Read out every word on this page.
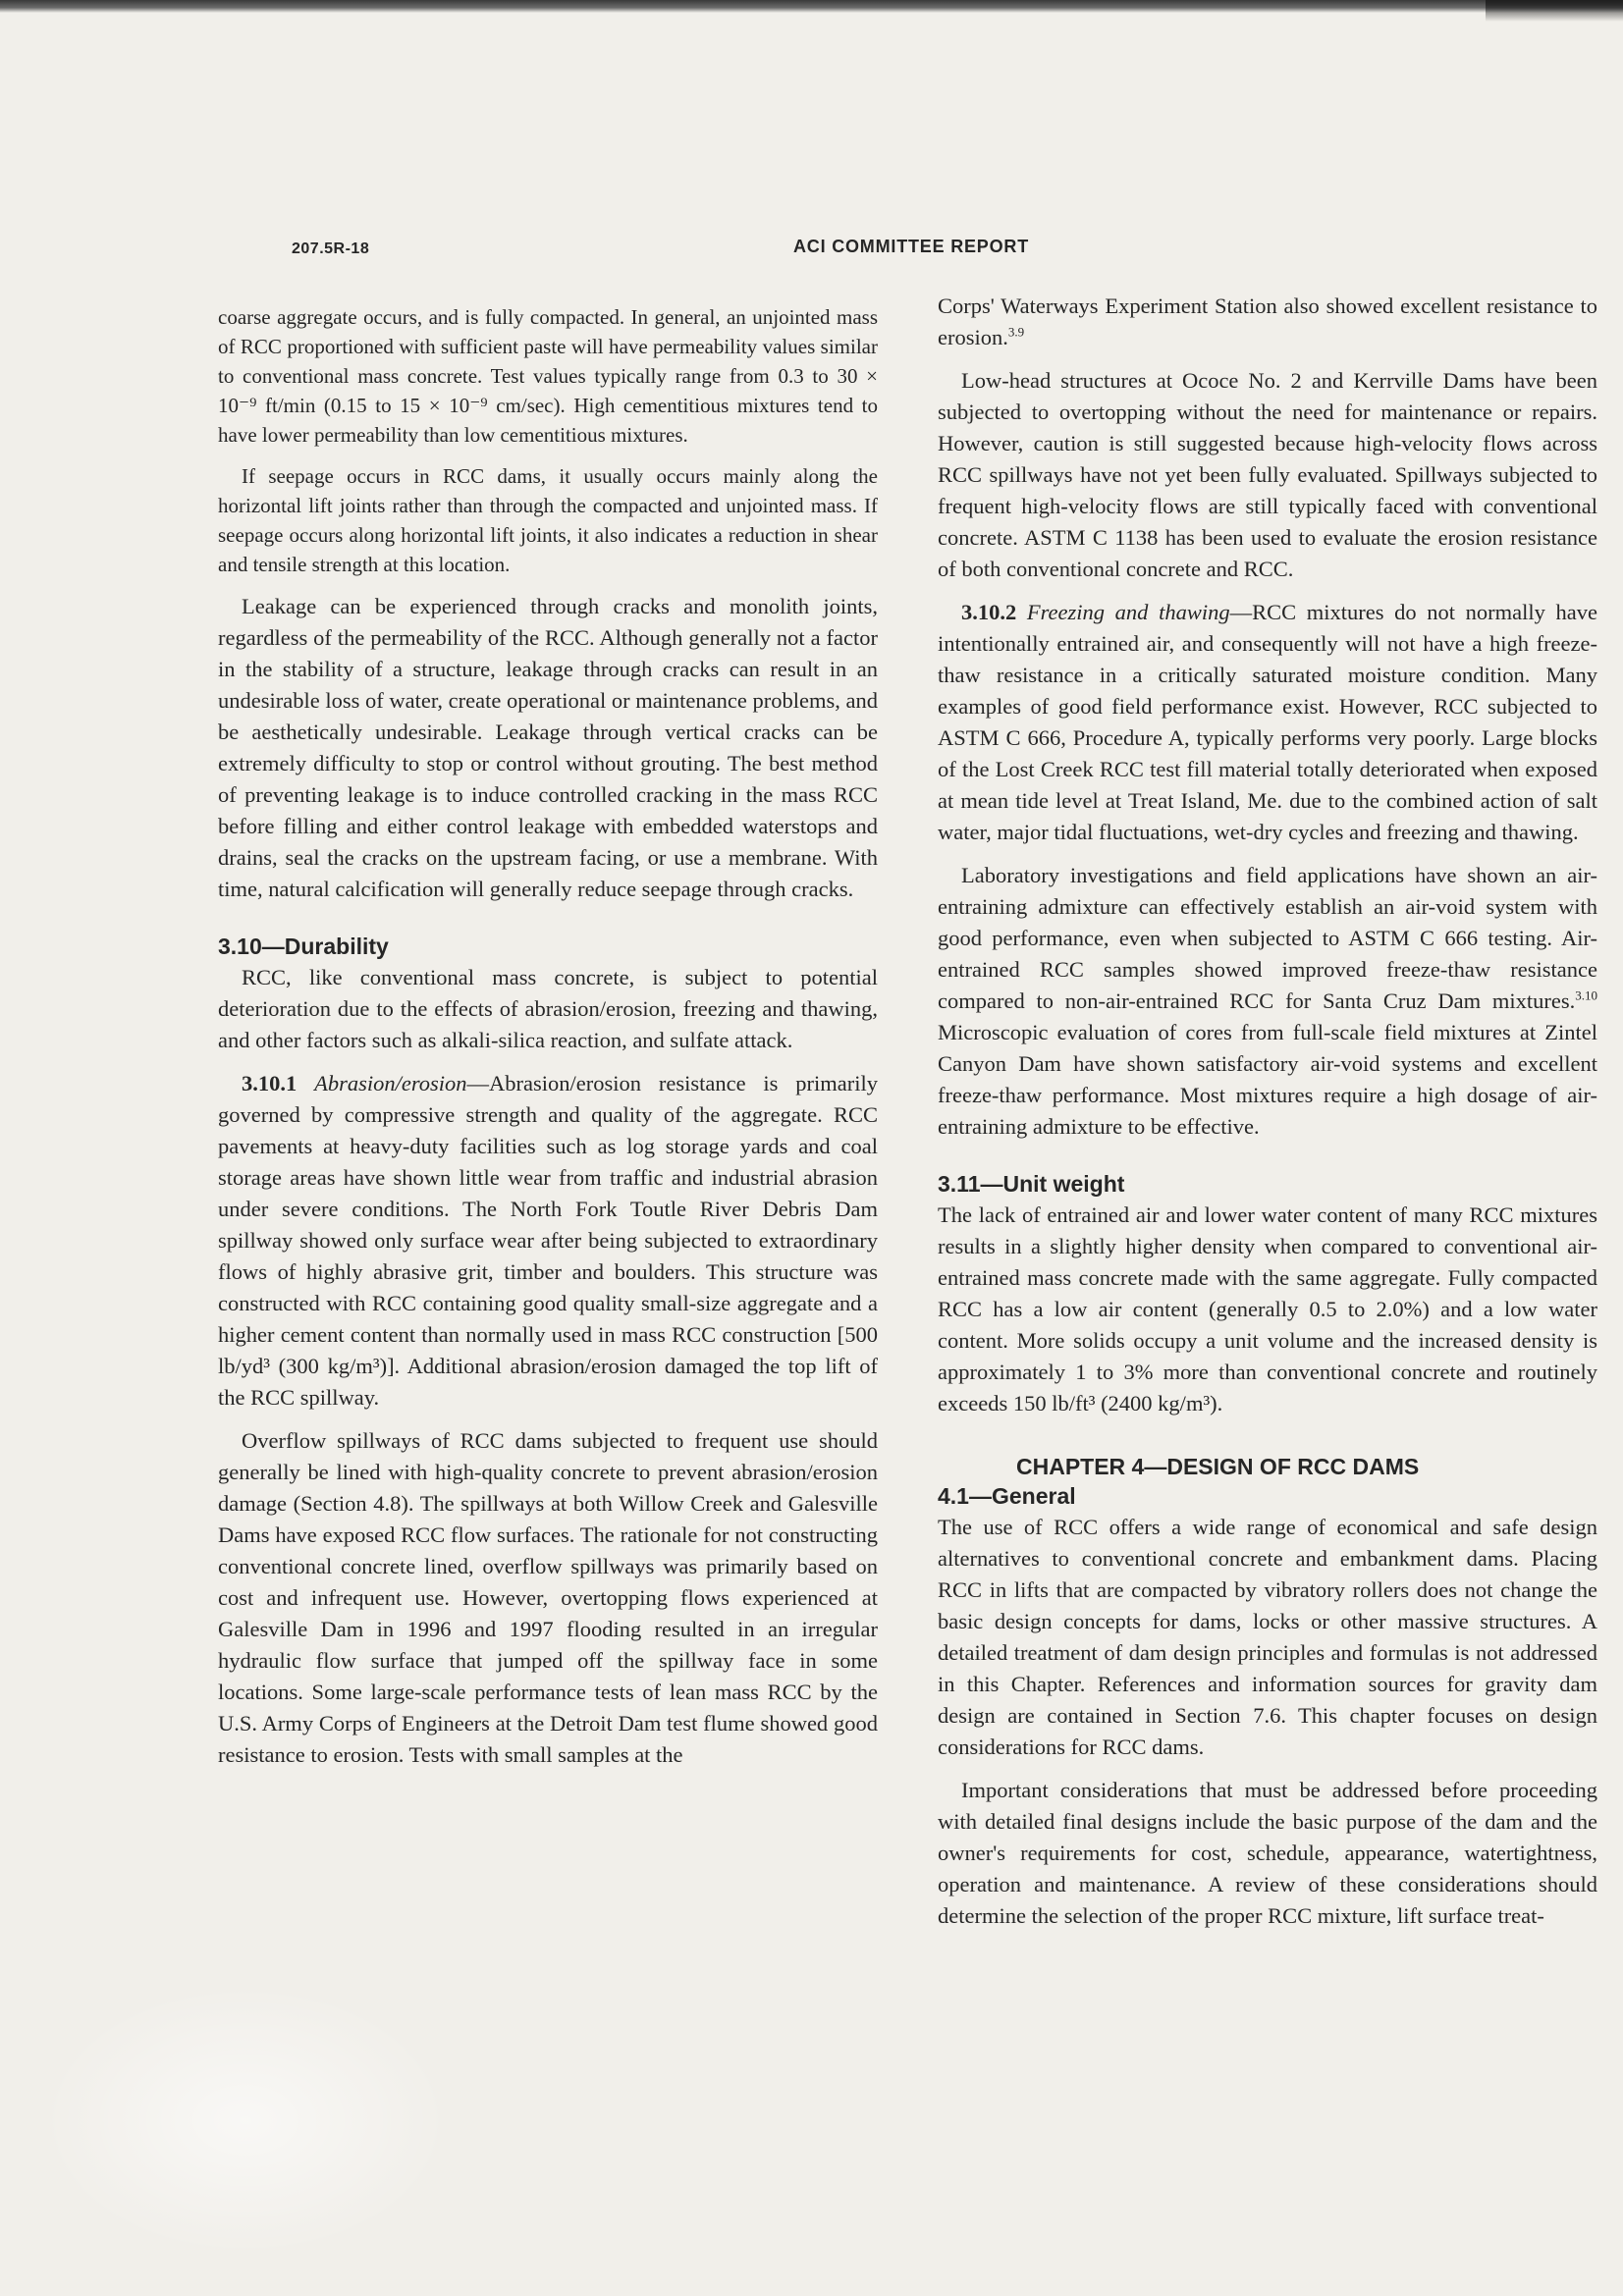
207.5R-18	ACI COMMITTEE REPORT

coarse aggregate occurs, and is fully compacted. In general, an unjointed mass of RCC proportioned with sufficient paste will have permeability values similar to conventional mass concrete. Test values typically range from 0.3 to 30 × 10⁻⁹ ft/min (0.15 to 15 × 10⁻⁹ cm/sec). High cementitious mixtures tend to have lower permeability than low cementitious mixtures.

If seepage occurs in RCC dams, it usually occurs mainly along the horizontal lift joints rather than through the compacted and unjointed mass. If seepage occurs along horizontal lift joints, it also indicates a reduction in shear and tensile strength at this location.

Leakage can be experienced through cracks and monolith joints, regardless of the permeability of the RCC. Although generally not a factor in the stability of a structure, leakage through cracks can result in an undesirable loss of water, create operational or maintenance problems, and be aesthetically undesirable. Leakage through vertical cracks can be extremely difficulty to stop or control without grouting. The best method of preventing leakage is to induce controlled cracking in the mass RCC before filling and either control leakage with embedded waterstops and drains, seal the cracks on the upstream facing, or use a membrane. With time, natural calcification will generally reduce seepage through cracks.

3.10—Durability

RCC, like conventional mass concrete, is subject to potential deterioration due to the effects of abrasion/erosion, freezing and thawing, and other factors such as alkali-silica reaction, and sulfate attack.

3.10.1 Abrasion/erosion—Abrasion/erosion resistance is primarily governed by compressive strength and quality of the aggregate. RCC pavements at heavy-duty facilities such as log storage yards and coal storage areas have shown little wear from traffic and industrial abrasion under severe conditions. The North Fork Toutle River Debris Dam spillway showed only surface wear after being subjected to extraordinary flows of highly abrasive grit, timber and boulders. This structure was constructed with RCC containing good quality small-size aggregate and a higher cement content than normally used in mass RCC construction [500 lb/yd³ (300 kg/m³)]. Additional abrasion/erosion damaged the top lift of the RCC spillway.

Overflow spillways of RCC dams subjected to frequent use should generally be lined with high-quality concrete to prevent abrasion/erosion damage (Section 4.8). The spillways at both Willow Creek and Galesville Dams have exposed RCC flow surfaces. The rationale for not constructing conventional concrete lined, overflow spillways was primarily based on cost and infrequent use. However, overtopping flows experienced at Galesville Dam in 1996 and 1997 flooding resulted in an irregular hydraulic flow surface that jumped off the spillway face in some locations. Some large-scale performance tests of lean mass RCC by the U.S. Army Corps of Engineers at the Detroit Dam test flume showed good resistance to erosion. Tests with small samples at the

Corps' Waterways Experiment Station also showed excellent resistance to erosion.$^{3.9}$

Low-head structures at Ococe No. 2 and Kerrville Dams have been subjected to overtopping without the need for maintenance or repairs. However, caution is still suggested because high-velocity flows across RCC spillways have not yet been fully evaluated. Spillways subjected to frequent high-velocity flows are still typically faced with conventional concrete. ASTM C 1138 has been used to evaluate the erosion resistance of both conventional concrete and RCC.

3.10.2 Freezing and thawing—RCC mixtures do not normally have intentionally entrained air, and consequently will not have a high freeze-thaw resistance in a critically saturated moisture condition. Many examples of good field performance exist. However, RCC subjected to ASTM C 666, Procedure A, typically performs very poorly. Large blocks of the Lost Creek RCC test fill material totally deteriorated when exposed at mean tide level at Treat Island, Me. due to the combined action of salt water, major tidal fluctuations, wet-dry cycles and freezing and thawing.

Laboratory investigations and field applications have shown an air-entraining admixture can effectively establish an air-void system with good performance, even when subjected to ASTM C 666 testing. Air-entrained RCC samples showed improved freeze-thaw resistance compared to non-air-entrained RCC for Santa Cruz Dam mixtures.$^{3.10}$ Microscopic evaluation of cores from full-scale field mixtures at Zintel Canyon Dam have shown satisfactory air-void systems and excellent freeze-thaw performance. Most mixtures require a high dosage of air-entraining admixture to be effective.

3.11—Unit weight

The lack of entrained air and lower water content of many RCC mixtures results in a slightly higher density when compared to conventional air-entrained mass concrete made with the same aggregate. Fully compacted RCC has a low air content (generally 0.5 to 2.0%) and a low water content. More solids occupy a unit volume and the increased density is approximately 1 to 3% more than conventional concrete and routinely exceeds 150 lb/ft³ (2400 kg/m³).

CHAPTER 4—DESIGN OF RCC DAMS
4.1—General

The use of RCC offers a wide range of economical and safe design alternatives to conventional concrete and embankment dams. Placing RCC in lifts that are compacted by vibratory rollers does not change the basic design concepts for dams, locks or other massive structures. A detailed treatment of dam design principles and formulas is not addressed in this Chapter. References and information sources for gravity dam design are contained in Section 7.6. This chapter focuses on design considerations for RCC dams.

Important considerations that must be addressed before proceeding with detailed final designs include the basic purpose of the dam and the owner's requirements for cost, schedule, appearance, watertightness, operation and maintenance. A review of these considerations should determine the selection of the proper RCC mixture, lift surface treat-
